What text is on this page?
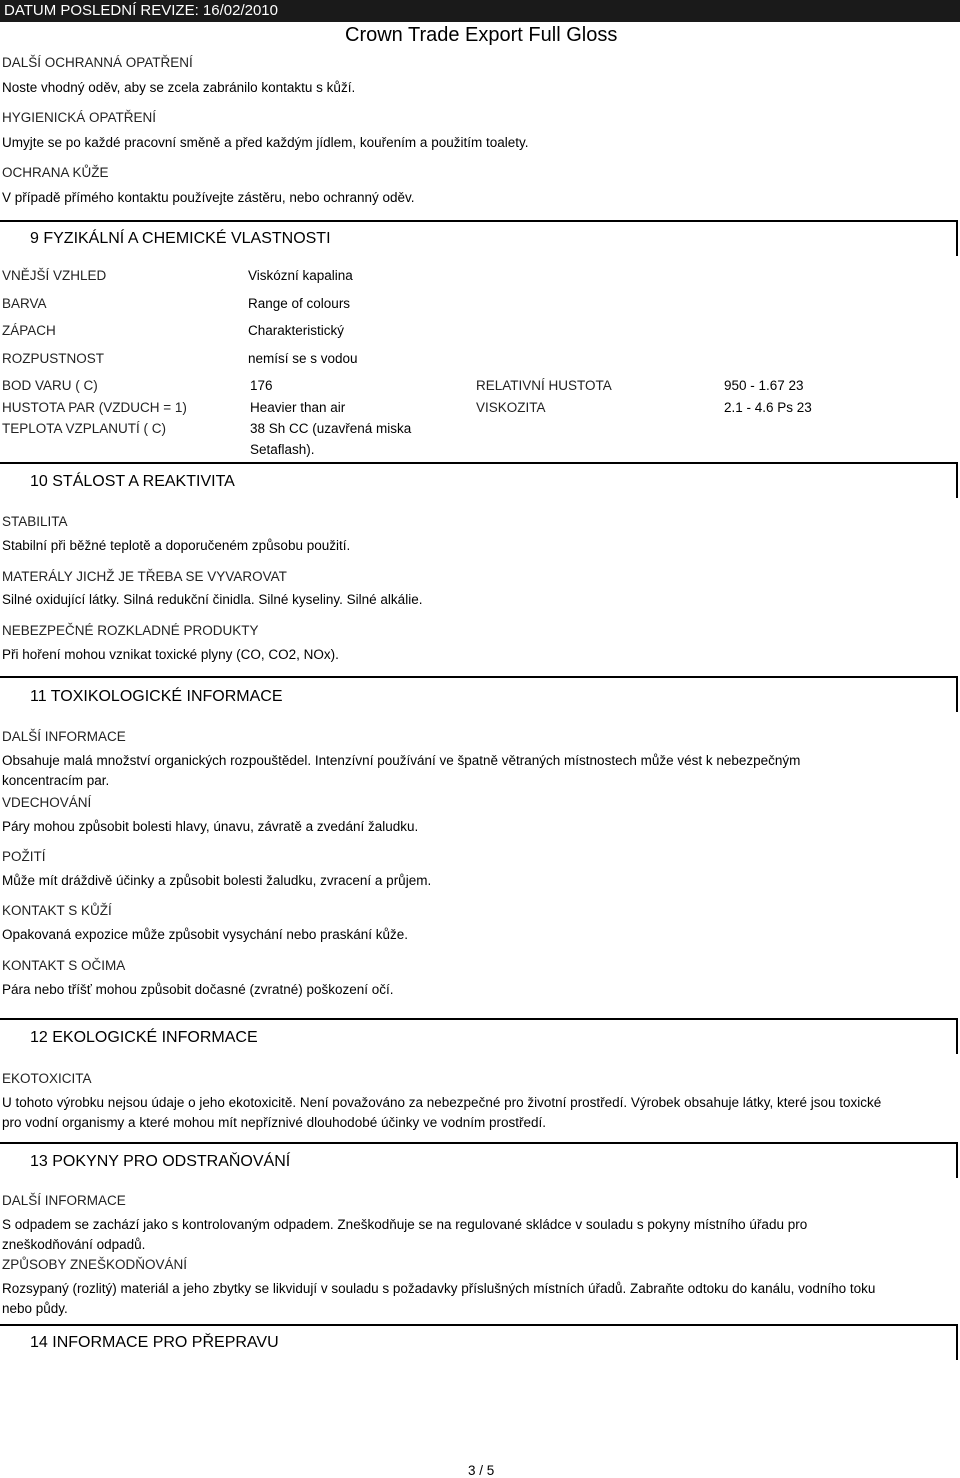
DATUM POSLEDNÍ REVIZE: 16/02/2010
Crown Trade Export Full Gloss
DALŠÍ OCHRANNÁ OPATŘENÍ
Noste vhodný oděv, aby se zcela zabránilo kontaktu s kůží.
HYGIENICKÁ OPATŘENÍ
Umyjte se po každé pracovní směně a před každým jídlem, kouřením a použitím toalety.
OCHRANA KŮŽE
V případě přímého kontaktu používejte zástěru, nebo ochranný oděv.
9 FYZIKÁLNÍ A CHEMICKÉ VLASTNOSTI
VNĚJŠÍ VZHLED	Viskózní kapalina
BARVA	Range of colours
ZÁPACH	Charakteristický
ROZPUSTNOST	nemísí se s vodou
BOD VARU ( C)	176	RELATIVNÍ HUSTOTA	950 - 1.67 23
HUSTOTA PAR (VZDUCH = 1)	Heavier than air	VISKOZITA	2.1 - 4.6 Ps 23
TEPLOTA VZPLANUTÍ ( C)	38 Sh CC (uzavřená miska
Setaflash).
10 STÁLOST A REAKTIVITA
STABILITA
Stabilní při běžné teplotě a doporučeném způsobu použití.
MATERÁLY JICHŽ JE TŘEBA SE VYVAROVAT
Silné oxidující látky. Silná redukční činidla. Silné kyseliny. Silné alkálie.
NEBEZPEČNÉ ROZKLADNÉ PRODUKTY
Při hoření mohou vznikat toxické plyny (CO, CO2, NOx).
11 TOXIKOLOGICKÉ INFORMACE
DALŠÍ INFORMACE
Obsahuje malá množství organických rozpouštědel. Intenzívní používání ve špatně větraných místnostech může vést k nebezpečným koncentracím par.
VDECHOVÁNÍ
Páry mohou způsobit bolesti hlavy, únavu, závratě a zvedání žaludku.
POŽITÍ
Může mít dráždivě účinky a způsobit bolesti žaludku, zvracení a průjem.
KONTAKT S KŮŽÍ
Opakovaná expozice může způsobit vysychání nebo praskání kůže.
KONTAKT S OČIMA
Pára nebo tříšť mohou způsobit dočasné (zvratné) poškození očí.
12 EKOLOGICKÉ INFORMACE
EKOTOXICITA
U tohoto výrobku nejsou údaje o jeho ekotoxicitě. Není považováno za nebezpečné pro životní prostředí. Výrobek obsahuje látky, které jsou toxické pro vodní organismy a které mohou mít nepříznivé dlouhodobé účinky ve vodním prostředí.
13 POKYNY PRO ODSTRAŇOVÁNÍ
DALŠÍ INFORMACE
S odpadem se zachází jako s kontrolovaným odpadem. Zneškodňuje se na regulované skládce v souladu s pokyny místního úřadu pro zneškodňování odpadů.
ZPŮSOBY ZNEŠKODŇOVÁNÍ
Rozsypaný (rozlitý) materiál a jeho zbytky se likvidují v souladu s požadavky příslušných místních úřadů. Zabraňte odtoku do kanálu, vodního toku nebo půdy.
14 INFORMACE PRO PŘEPRAVU
3 / 5
